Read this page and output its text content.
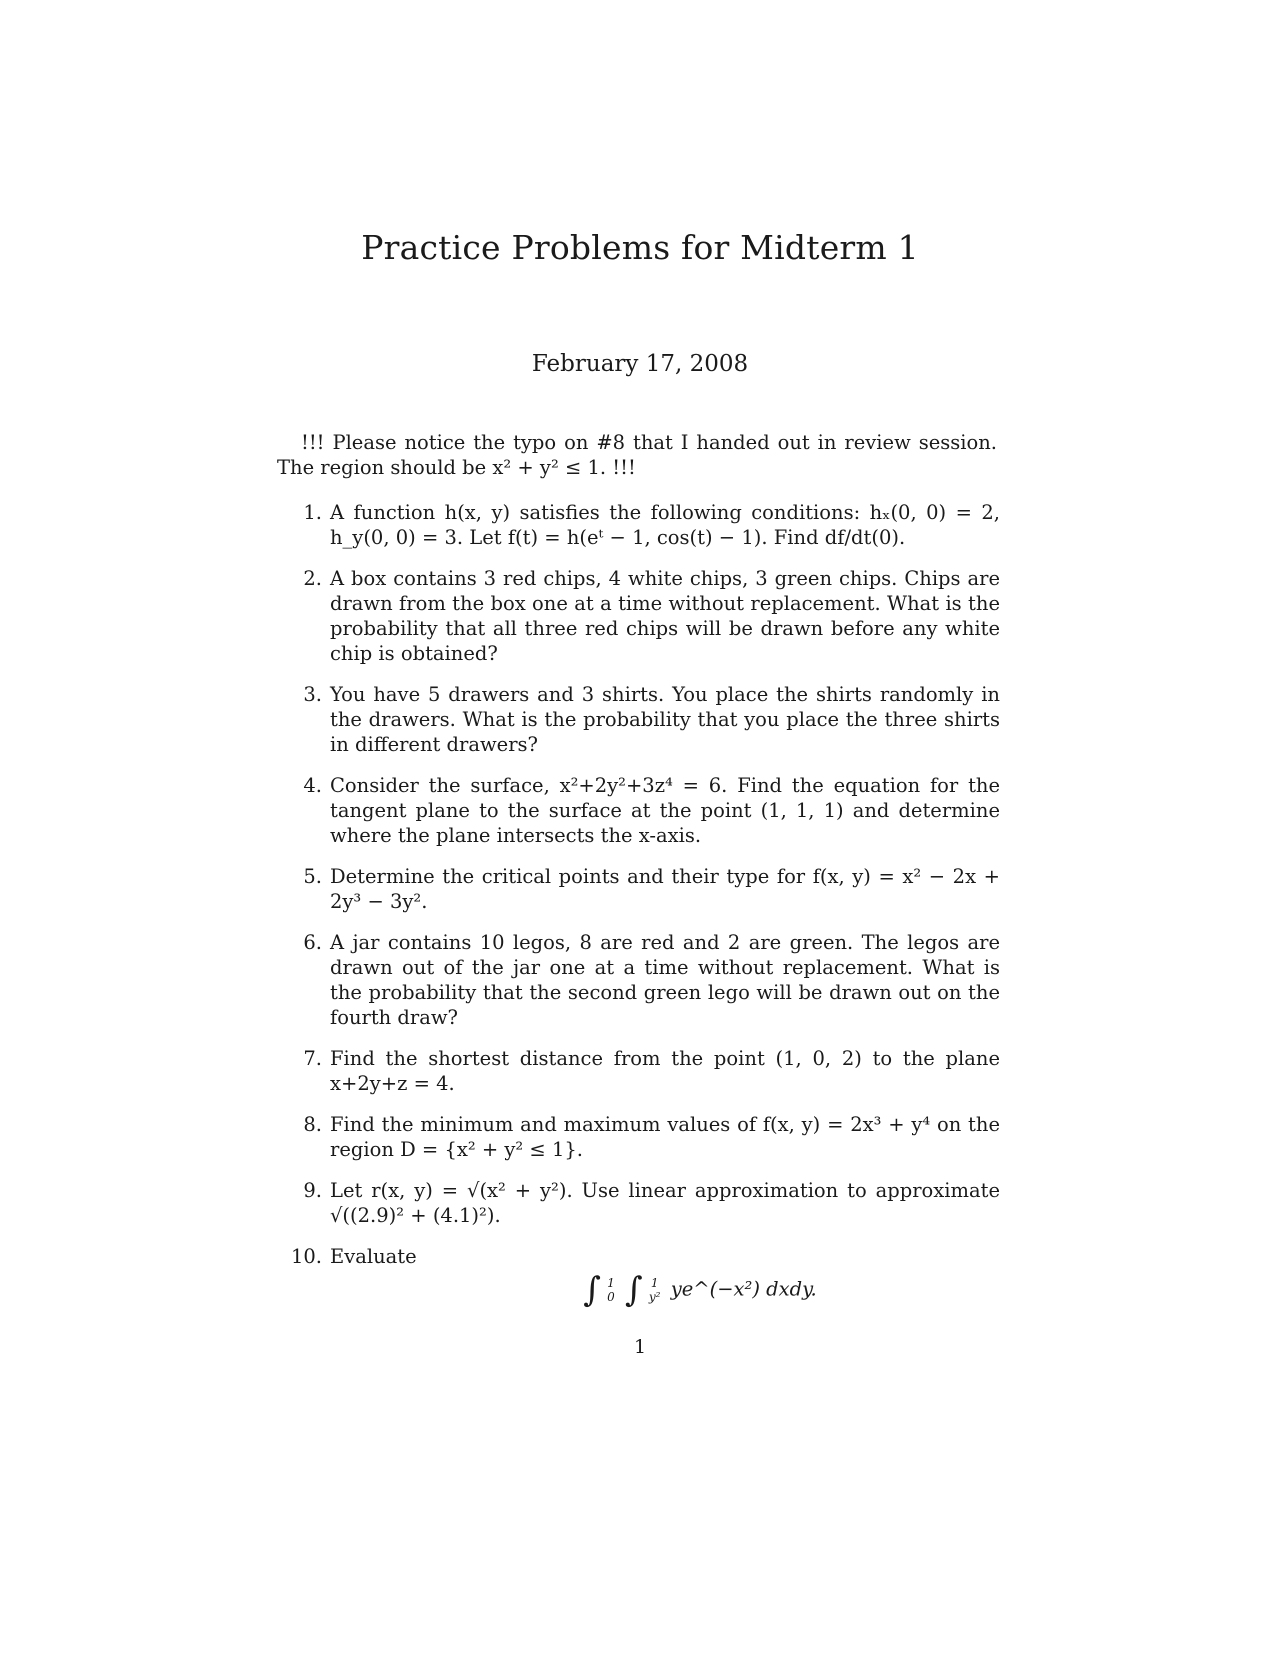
Practice Problems for Midterm 1
February 17, 2008
!!! Please notice the typo on #8 that I handed out in review session. The region should be x² + y² ≤ 1. !!!
1. A function h(x, y) satisfies the following conditions: hₓ(0, 0) = 2, h_y(0, 0) = 3. Let f(t) = h(eᵗ − 1, cos(t) − 1). Find df/dt(0).
2. A box contains 3 red chips, 4 white chips, 3 green chips. Chips are drawn from the box one at a time without replacement. What is the probability that all three red chips will be drawn before any white chip is obtained?
3. You have 5 drawers and 3 shirts. You place the shirts randomly in the drawers. What is the probability that you place the three shirts in different drawers?
4. Consider the surface, x²+2y²+3z⁴ = 6. Find the equation for the tangent plane to the surface at the point (1, 1, 1) and determine where the plane intersects the x-axis.
5. Determine the critical points and their type for f(x, y) = x² − 2x + 2y³ − 3y².
6. A jar contains 10 legos, 8 are red and 2 are green. The legos are drawn out of the jar one at a time without replacement. What is the probability that the second green lego will be drawn out on the fourth draw?
7. Find the shortest distance from the point (1, 0, 2) to the plane x+2y+z = 4.
8. Find the minimum and maximum values of f(x, y) = 2x³ + y⁴ on the region D = {x² + y² ≤ 1}.
9. Let r(x, y) = √(x² + y²). Use linear approximation to approximate √((2.9)² + (4.1)²).
10. Evaluate
∫ 1
0 ∫ 1
y² ye^(−x²) dxdy.
1
